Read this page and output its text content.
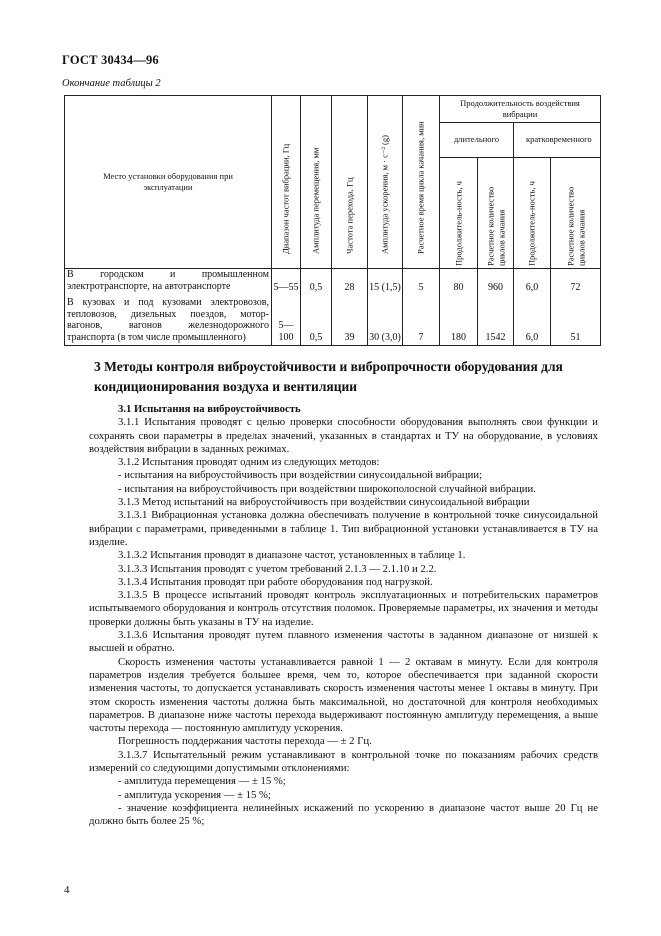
ГОСТ 30434—96
Окончание таблицы 2
Место установки оборудования при эксплуатации	Диапазон частот вибрации, Гц	Амплитуда перемещения, мм	Частота перехода, Гц	Амплитуда ускорения, м · с⁻² (g)	Расчетное время цикла качания, мин	Продолжительность воздействия вибрации			

						длительного		кратковременного	

						Продолжитель-ность, ч	Расчетное количество циклов качания	Продолжитель-ность, ч	Расчетное количество циклов качания

В городском и промышленном электротранспорте, на автотранспорте	5—55	0,5	28	15 (1,5)	5	80	960	6,0	72
В кузовах и под кузовами электровозов, тепловозов, дизельных поездов, мотор-вагонов, вагонов железнодорожного транспорта (в том числе промышленного)	5—100	0,5	39	30 (3,0)	7	180	1542	6,0	51
3 Методы контроля виброустойчивости и вибропрочности оборудования для кондиционирования воздуха и вентиляции

3.1 Испытания на виброустойчивость

3.1.1 Испытания проводят с целью проверки способности оборудования выполнять свои функции и сохранять свои параметры в пределах значений, указанных в стандартах и ТУ на оборудование, в условиях воздействия вибрации в заданных режимах.

3.1.2 Испытания проводят одним из следующих методов:

- испытания на виброустойчивость при воздействии синусоидальной вибрации;

- испытания на виброустойчивость при воздействии широкополосной случайной вибрации.

3.1.3 Метод испытаний на виброустойчивость при воздействии синусоидальной вибрации

3.1.3.1 Вибрационная установка должна обеспечивать получение в контрольной точке синусоидальной вибрации с параметрами, приведенными в таблице 1. Тип вибрационной установки устанавливается в ТУ на изделие.

3.1.3.2 Испытания проводят в диапазоне частот, установленных в таблице 1.

3.1.3.3 Испытания проводят с учетом требований 2.1.3 — 2.1.10 и 2.2.

3.1.3.4 Испытания проводят при работе оборудования под нагрузкой.

3.1.3.5 В процессе испытаний проводят контроль эксплуатационных и потребительских параметров испытываемого оборудования и контроль отсутствия поломок. Проверяемые параметры, их значения и методы проверки должны быть указаны в ТУ на изделие.

3.1.3.6 Испытания проводят путем плавного изменения частоты в заданном диапазоне от низшей к высшей и обратно.

Скорость изменения частоты устанавливается равной 1 — 2 октавам в минуту. Если для контроля параметров изделия требуется большее время, чем то, которое обеспечивается при заданной скорости изменения частоты, то допускается устанавливать скорость изменения частоты менее 1 октавы в минуту. При этом скорость изменения частоты должна быть максимальной, но достаточной для контроля необходимых параметров. В диапазоне ниже частоты перехода выдерживают постоянную амплитуду перемещения, а выше частоты перехода — постоянную амплитуду ускорения.

Погрешность поддержания частоты перехода — ± 2 Гц.

3.1.3.7 Испытательный режим устанавливают в контрольной точке по показаниям рабочих средств измерений со следующими допустимыми отклонениями:

- амплитуда перемещения — ± 15 %;

- амплитуда ускорения — ± 15 %;

- значение коэффициента нелинейных искажений по ускорению в диапазоне частот выше 20 Гц не должно быть более 25 %;

4
